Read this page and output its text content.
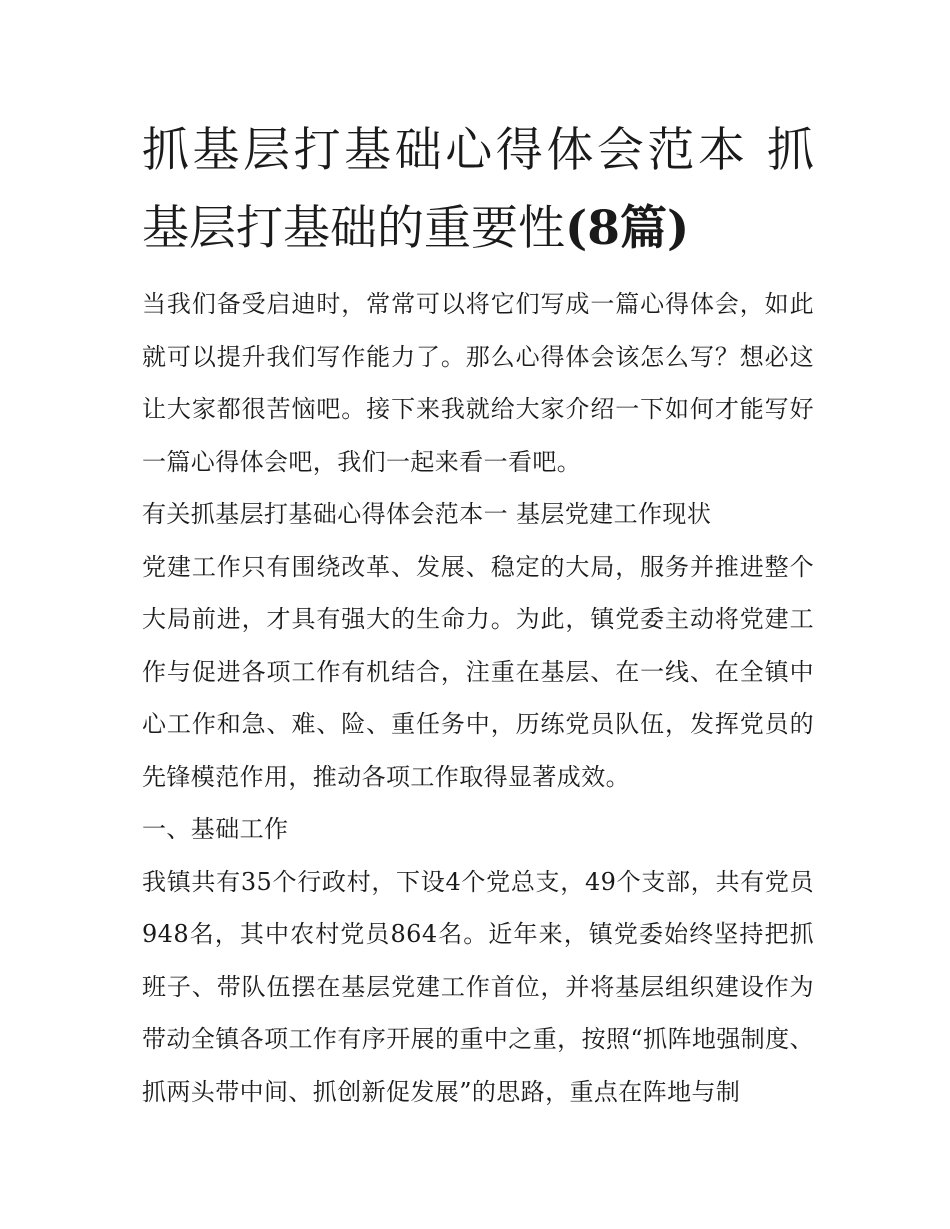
抓基层打基础心得体会范本 抓基层打基础的重要性(8篇)

当我们备受启迪时，常常可以将它们写成一篇心得体会，如此就可以提升我们写作能力了。那么心得体会该怎么写？想必这让大家都很苦恼吧。接下来我就给大家介绍一下如何才能写好一篇心得体会吧，我们一起来看一看吧。

有关抓基层打基础心得体会范本一 基层党建工作现状

党建工作只有围绕改革、发展、稳定的大局，服务并推进整个大局前进，才具有强大的生命力。为此，镇党委主动将党建工作与促进各项工作有机结合，注重在基层、在一线、在全镇中心工作和急、难、险、重任务中，历练党员队伍，发挥党员的先锋模范作用，推动各项工作取得显著成效。

一、基础工作

我镇共有35个行政村，下设4个党总支，49个支部，共有党员948名，其中农村党员864名。近年来，镇党委始终坚持把抓班子、带队伍摆在基层党建工作首位，并将基层组织建设作为带动全镇各项工作有序开展的重中之重，按照“抓阵地强制度、抓两头带中间、抓创新促发展”的思路，重点在阵地与制
